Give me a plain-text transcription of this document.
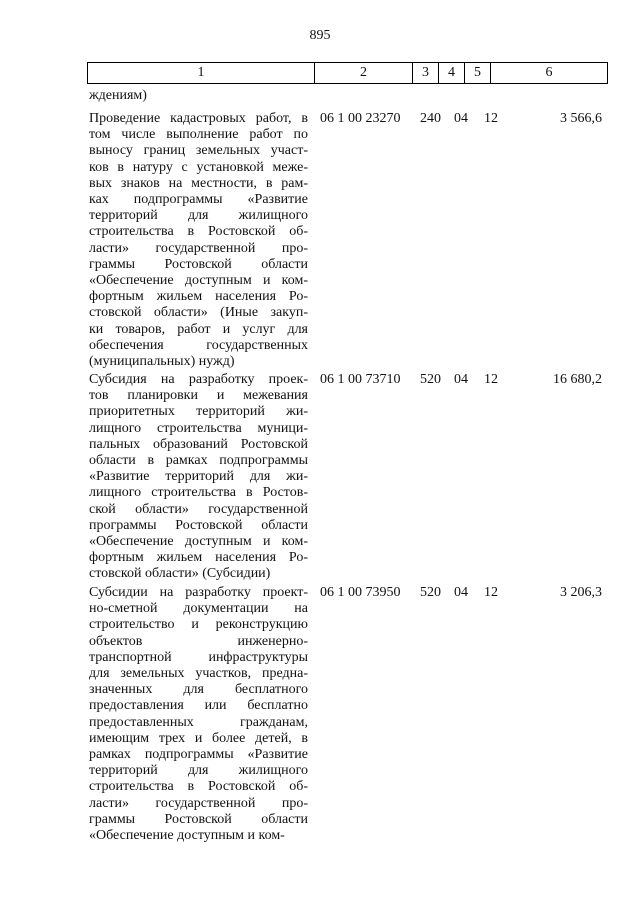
895
1	2	3	4	5	6
ждениям)
Проведение кадастровых работ, в
том числе выполнение работ по
выносу границ земельных участ-
ков в натуру с установкой меже-
вых знаков на местности, в рам-
ках подпрограммы «Развитие
территорий для жилищного
строительства в Ростовской об-
ласти» государственной про-
граммы Ростовской области
«Обеспечение доступным и ком-
фортным жильем населения Ро-
стовской области» (Иные закуп-
ки товаров, работ и услуг для
обеспечения государственных
(муниципальных) нужд)
06 1 00 23270	240 04	12	3 566,6
Субсидия на разработку проек-
тов планировки и межевания
приоритетных территорий жи-
лищного строительства муници-
пальных образований Ростовской
области в рамках подпрограммы
«Развитие территорий для жи-
лищного строительства в Ростов-
ской области» государственной
программы Ростовской области
«Обеспечение доступным и ком-
фортным жильем населения Ро-
стовской области» (Субсидии)
06 1 00 73710	520 04	12	16 680,2
Субсидии на разработку проект-
но-сметной документации на
строительство и реконструкцию
объектов инженерно-
транспортной инфраструктуры
для земельных участков, предна-
значенных для бесплатного
предоставления или бесплатно
предоставленных гражданам,
имеющим трех и более детей, в
рамках подпрограммы «Развитие
территорий для жилищного
строительства в Ростовской об-
ласти» государственной про-
граммы Ростовской области
«Обеспечение доступным и ком-
06 1 00 73950	520 04	12	3 206,3
